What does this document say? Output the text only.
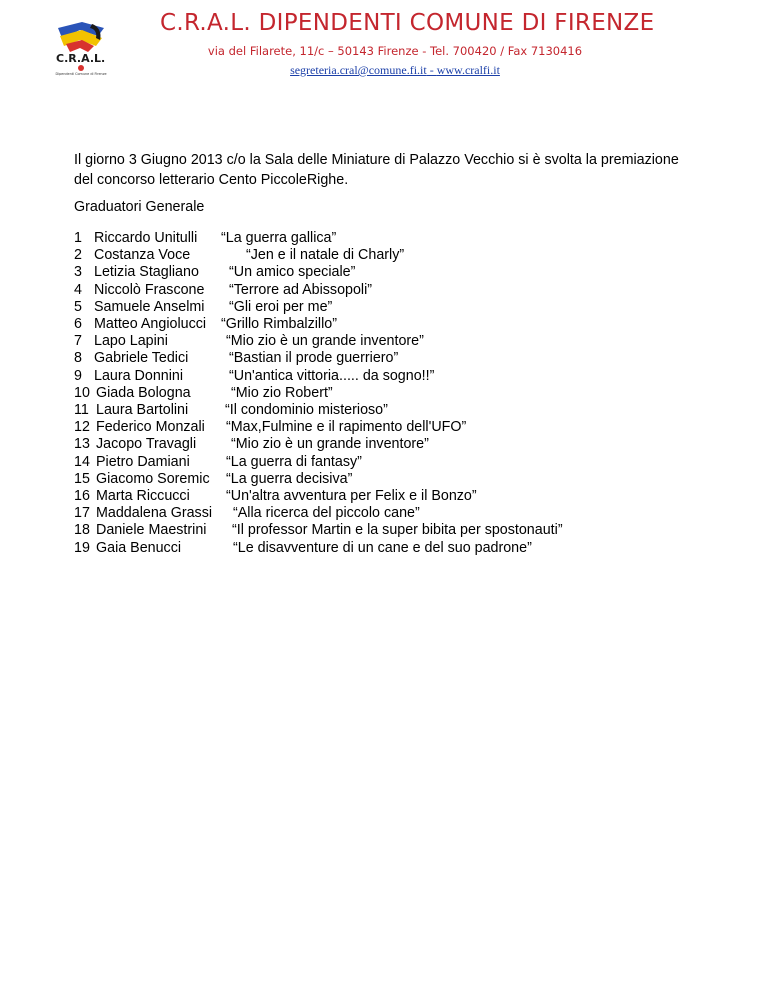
C.R.A.L.
Dipendenti Comune di Firenze
C.R.A.L. DIPENDENTI COMUNE DI FIRENZE
via del Filarete, 11/c – 50143 Firenze - Tel. 700420 / Fax 7130416
segreteria.cral@comune.fi.it - www.cralfi.it
Il giorno 3 Giugno 2013 c/o la Sala delle Miniature di Palazzo Vecchio si è svolta la premiazione del concorso letterario Cento PiccoleRighe.
Graduatori Generale
1 Riccardo Unitulli “La guerra gallica”
2 Costanza Voce	“Jen e il natale di Charly”
3 Letizia Stagliano “Un amico speciale”
4 Niccolò Frascone “Terrore ad Abissopoli”
5 Samuele Anselmi “Gli eroi per me”
6 Matteo Angiolucci “Grillo Rimbalzillo”
7 Lapo Lapini	“Mio zio è un grande inventore”
8 Gabriele Tedici	“Bastian il prode guerriero”
9 Laura Donnini	“Un'antica vittoria..... da sogno!!”
10 Giada Bologna	“Mio zio Robert”
11 Laura Bartolini	“Il condominio misterioso”
12 Federico Monzali “Max,Fulmine e il rapimento dell'UFO”
13 Jacopo Travagli “Mio zio è un grande inventore”
14 Pietro Damiani	“La guerra di fantasy”
15 Giacomo Soremic “La guerra decisiva”
16 Marta Riccucci	“Un'altra avventura per Felix e il Bonzo”
17 Maddalena Grassi “Alla ricerca del piccolo cane”
18 Daniele Maestrini “Il professor Martin e la super bibita per spostonauti”
19 Gaia Benucci	“Le disavventure di un cane e del suo padrone”
